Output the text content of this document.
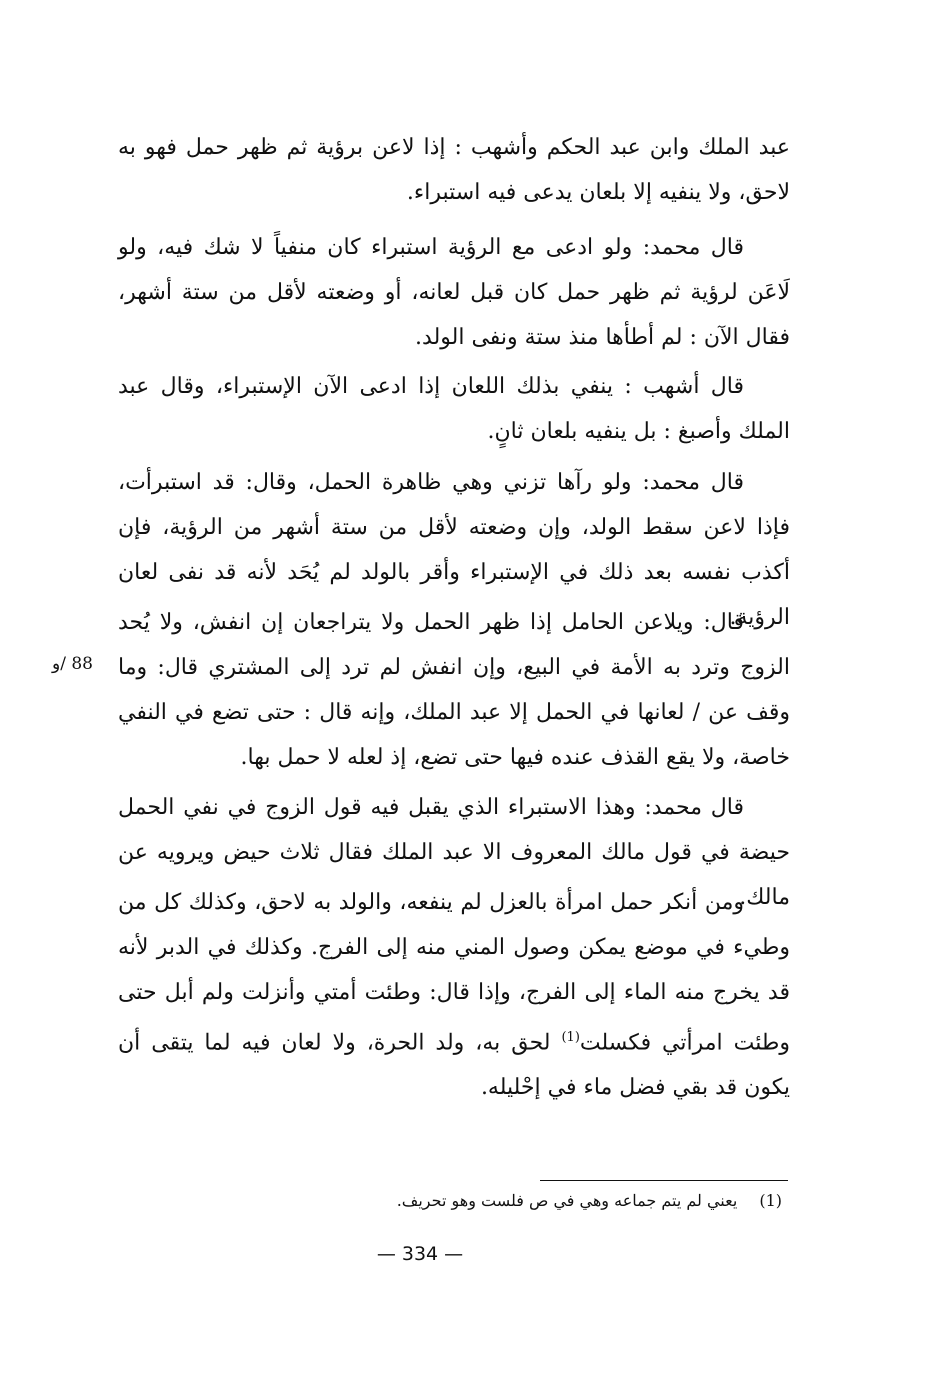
عبد الملك وابن عبد الحكم وأشهب : إذا لاعن برؤية ثم ظهر حمل فهو به لاحق، ولا ينفيه إلا بلعان يدعى فيه استبراء.

قال محمد: ولو ادعى مع الرؤية استبراء كان منفياً لا شك فيه، ولو لَاعَن لرؤية ثم ظهر حمل كان قبل لعانه، أو وضعته لأقل من ستة أشهر، فقال الآن : لم أطأها منذ ستة ونفى الولد.

قال أشهب : ينفي بذلك اللعان إذا ادعى الآن الإستبراء، وقال عبد الملك وأصبغ : بل ينفيه بلعان ثانٍ.

قال محمد: ولو رآها تزني وهي ظاهرة الحمل، وقال: قد استبرأت، فإذا لاعن سقط الولد، وإن وضعته لأقل من ستة أشهر من الرؤية، فإن أكذب نفسه بعد ذلك في الإستبراء وأقر بالولد لم يُحَد لأنه قد نفى لعان الرؤية.

قال: ويلاعن الحامل إذا ظهر الحمل ولا يتراجعان إن انفش، ولا يُحد الزوج وترد به الأمة في البيع، وإن انفش لم ترد إلى المشتري قال: وما وقف عن / لعانها في الحمل إلا عبد الملك، وإنه قال : حتى تضع في النفي خاصة، ولا يقع القذف عنده فيها حتى تضع، إذ لعله لا حمل بها.

قال محمد: وهذا الاستبراء الذي يقبل فيه قول الزوج في نفي الحمل حيضة في قول مالك المعروف الا عبد الملك فقال ثلاث حيض ويرويه عن مالك.

ومن أنكر حمل امرأة بالعزل لم ينفعه، والولد به لاحق، وكذلك كل من وطيء في موضع يمكن وصول المني منه إلى الفرج. وكذلك في الدبر لأنه قد يخرج منه الماء إلى الفرج، وإذا قال: وطئت أمتي وأنزلت ولم أبل حتى وطئت امرأتي فكسلت$^{(1)}$ لحق به، ولد الحرة، ولا لعان فيه لما يتقى أن يكون قد بقي فضل ماء في إحْليله.

88 /و
(1)يعني لم يتم جماعه وهي في ص فلست وهو تحريف.
— 334 —
